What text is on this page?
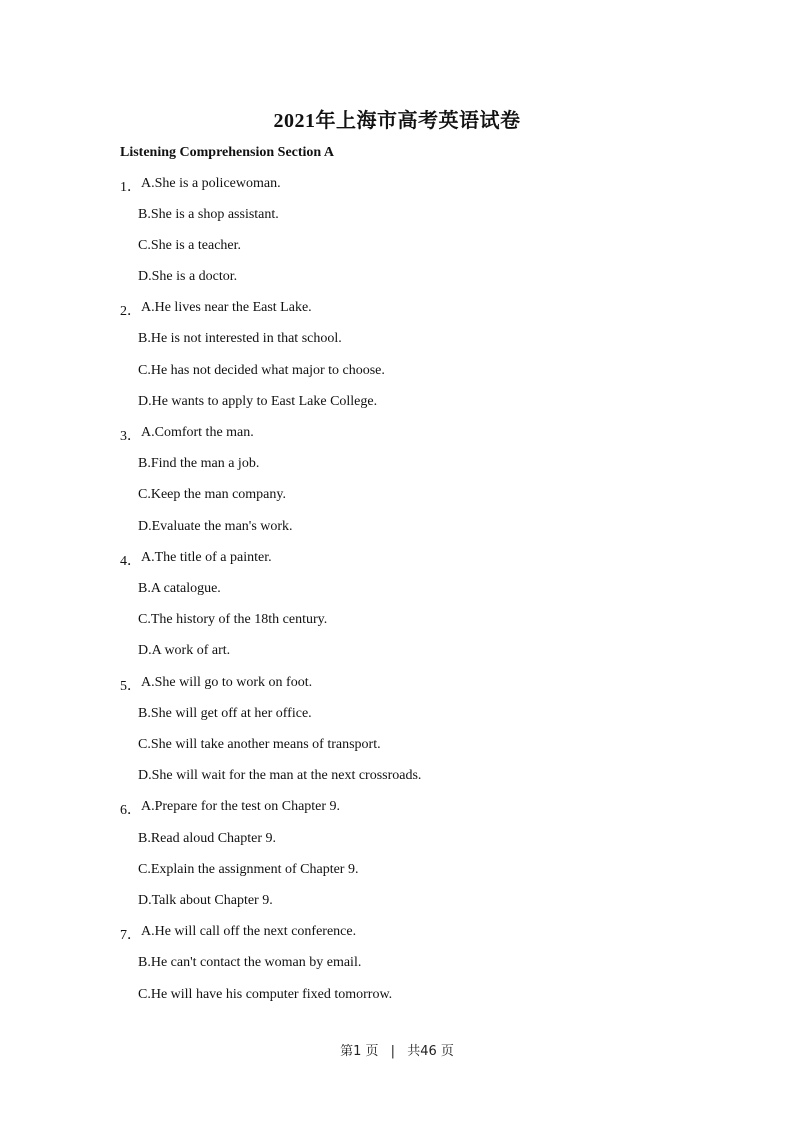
2021年上海市高考英语试卷
Listening Comprehension Section A
1． A.She is a policewoman.
B.She is a shop assistant.
C.She is a teacher.
D.She is a doctor.
2． A.He lives near the East Lake.
B.He is not interested in that school.
C.He has not decided what major to choose.
D.He wants to apply to East Lake College.
3． A.Comfort the man.
B.Find the man a job.
C.Keep the man company.
D.Evaluate the man's work.
4． A.The title of a painter.
B.A catalogue.
C.The history of the 18th century.
D.A work of art.
5． A.She will go to work on foot.
B.She will get off at her office.
C.She will take another means of transport.
D.She will wait for the man at the next crossroads.
6． A.Prepare for the test on Chapter 9.
B.Read aloud Chapter 9.
C.Explain the assignment of Chapter 9.
D.Talk about Chapter 9.
7． A.He will call off the next conference.
B.He can't contact the woman by email.
C.He will have his computer fixed tomorrow.
第1 页 | 共46 页
